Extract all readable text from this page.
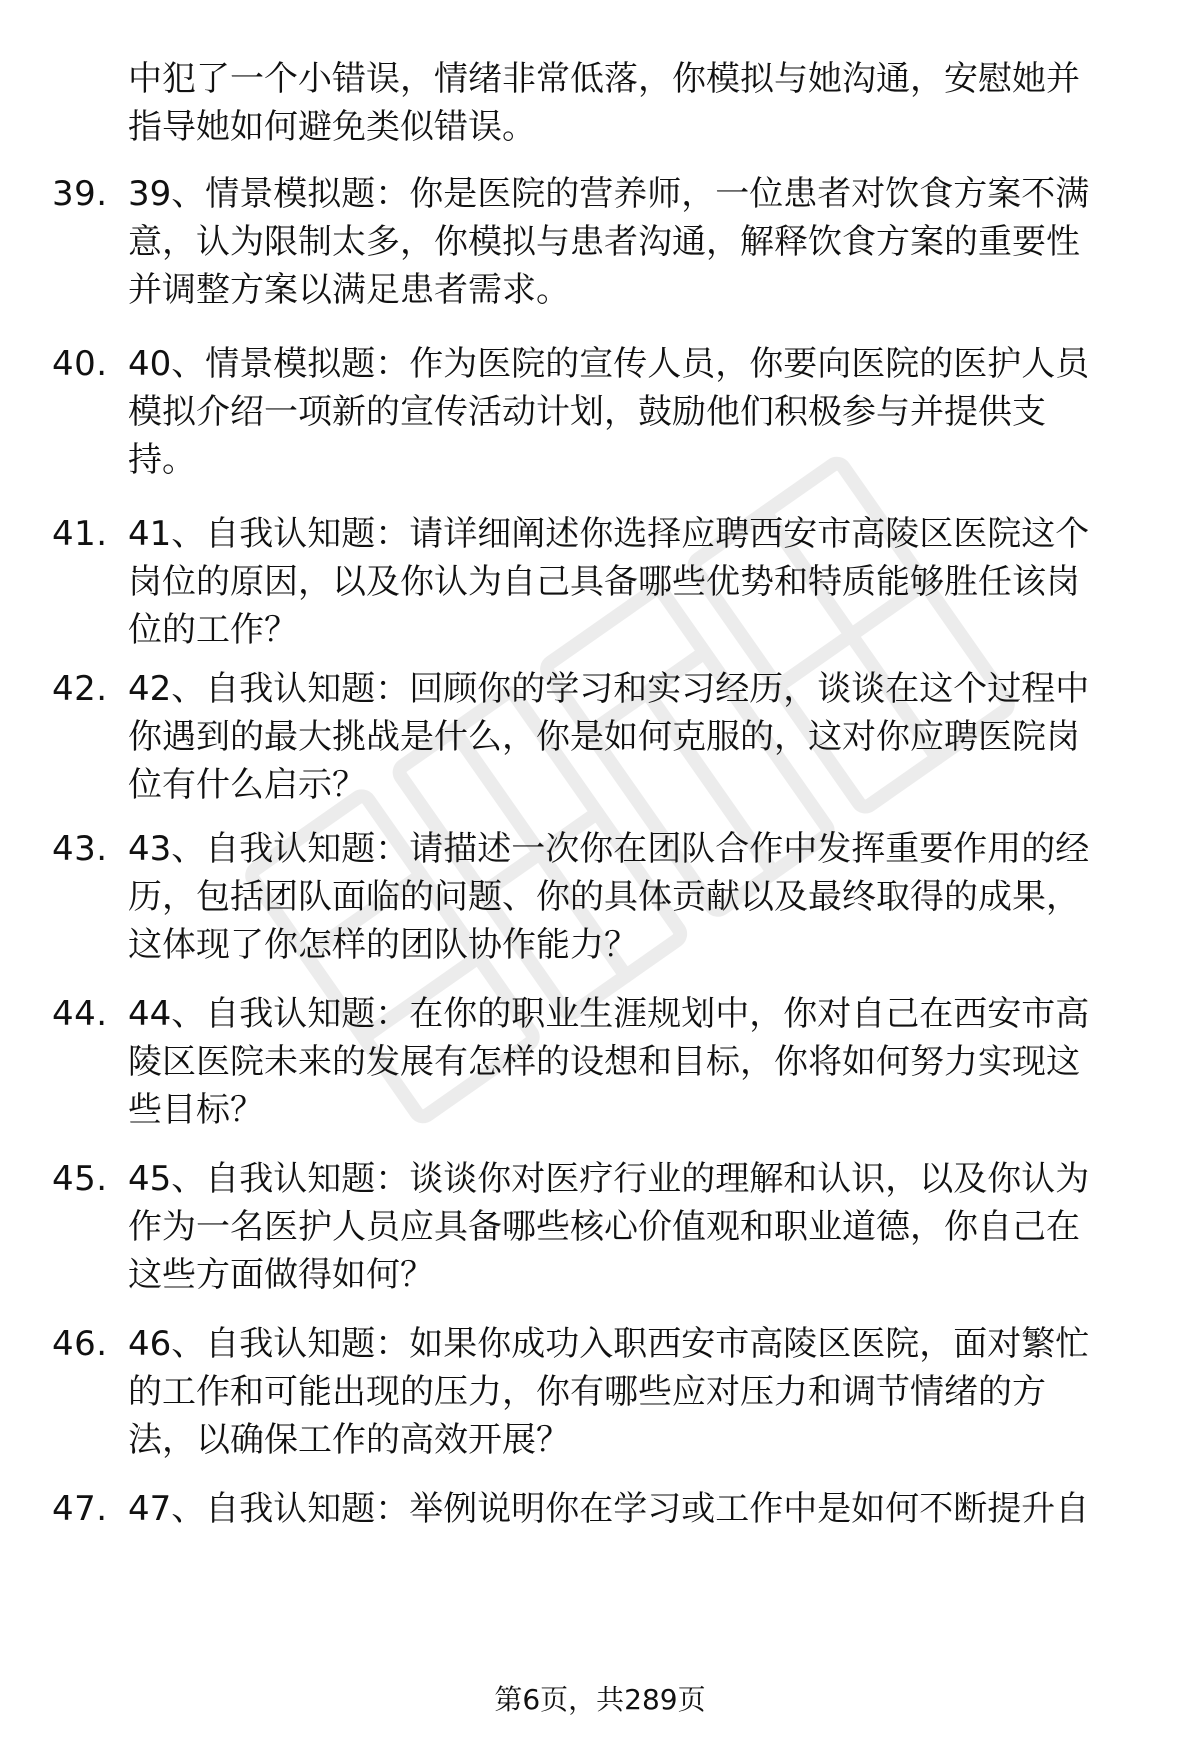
中犯了一个小错误，情绪非常低落，你模拟与她沟通，安慰她并
指导她如何避免类似错误。
39. 39、情景模拟题：你是医院的营养师，一位患者对饮食方案不满
意，认为限制太多，你模拟与患者沟通，解释饮食方案的重要性
并调整方案以满足患者需求。
40. 40、情景模拟题：作为医院的宣传人员，你要向医院的医护人员
模拟介绍一项新的宣传活动计划，鼓励他们积极参与并提供支
持。
41. 41、自我认知题：请详细阐述你选择应聘西安市高陵区医院这个
岗位的原因，以及你认为自己具备哪些优势和特质能够胜任该岗
位的工作？
42. 42、自我认知题：回顾你的学习和实习经历，谈谈在这个过程中
你遇到的最大挑战是什么，你是如何克服的，这对你应聘医院岗
位有什么启示？
43. 43、自我认知题：请描述一次你在团队合作中发挥重要作用的经
历，包括团队面临的问题、你的具体贡献以及最终取得的成果，
这体现了你怎样的团队协作能力？
44. 44、自我认知题：在你的职业生涯规划中，你对自己在西安市高
陵区医院未来的发展有怎样的设想和目标，你将如何努力实现这
些目标？
45. 45、自我认知题：谈谈你对医疗行业的理解和认识，以及你认为
作为一名医护人员应具备哪些核心价值观和职业道德，你自己在
这些方面做得如何？
46. 46、自我认知题：如果你成功入职西安市高陵区医院，面对繁忙
的工作和可能出现的压力，你有哪些应对压力和调节情绪的方
法，以确保工作的高效开展？
47. 47、自我认知题：举例说明你在学习或工作中是如何不断提升自
第6页，共289页
